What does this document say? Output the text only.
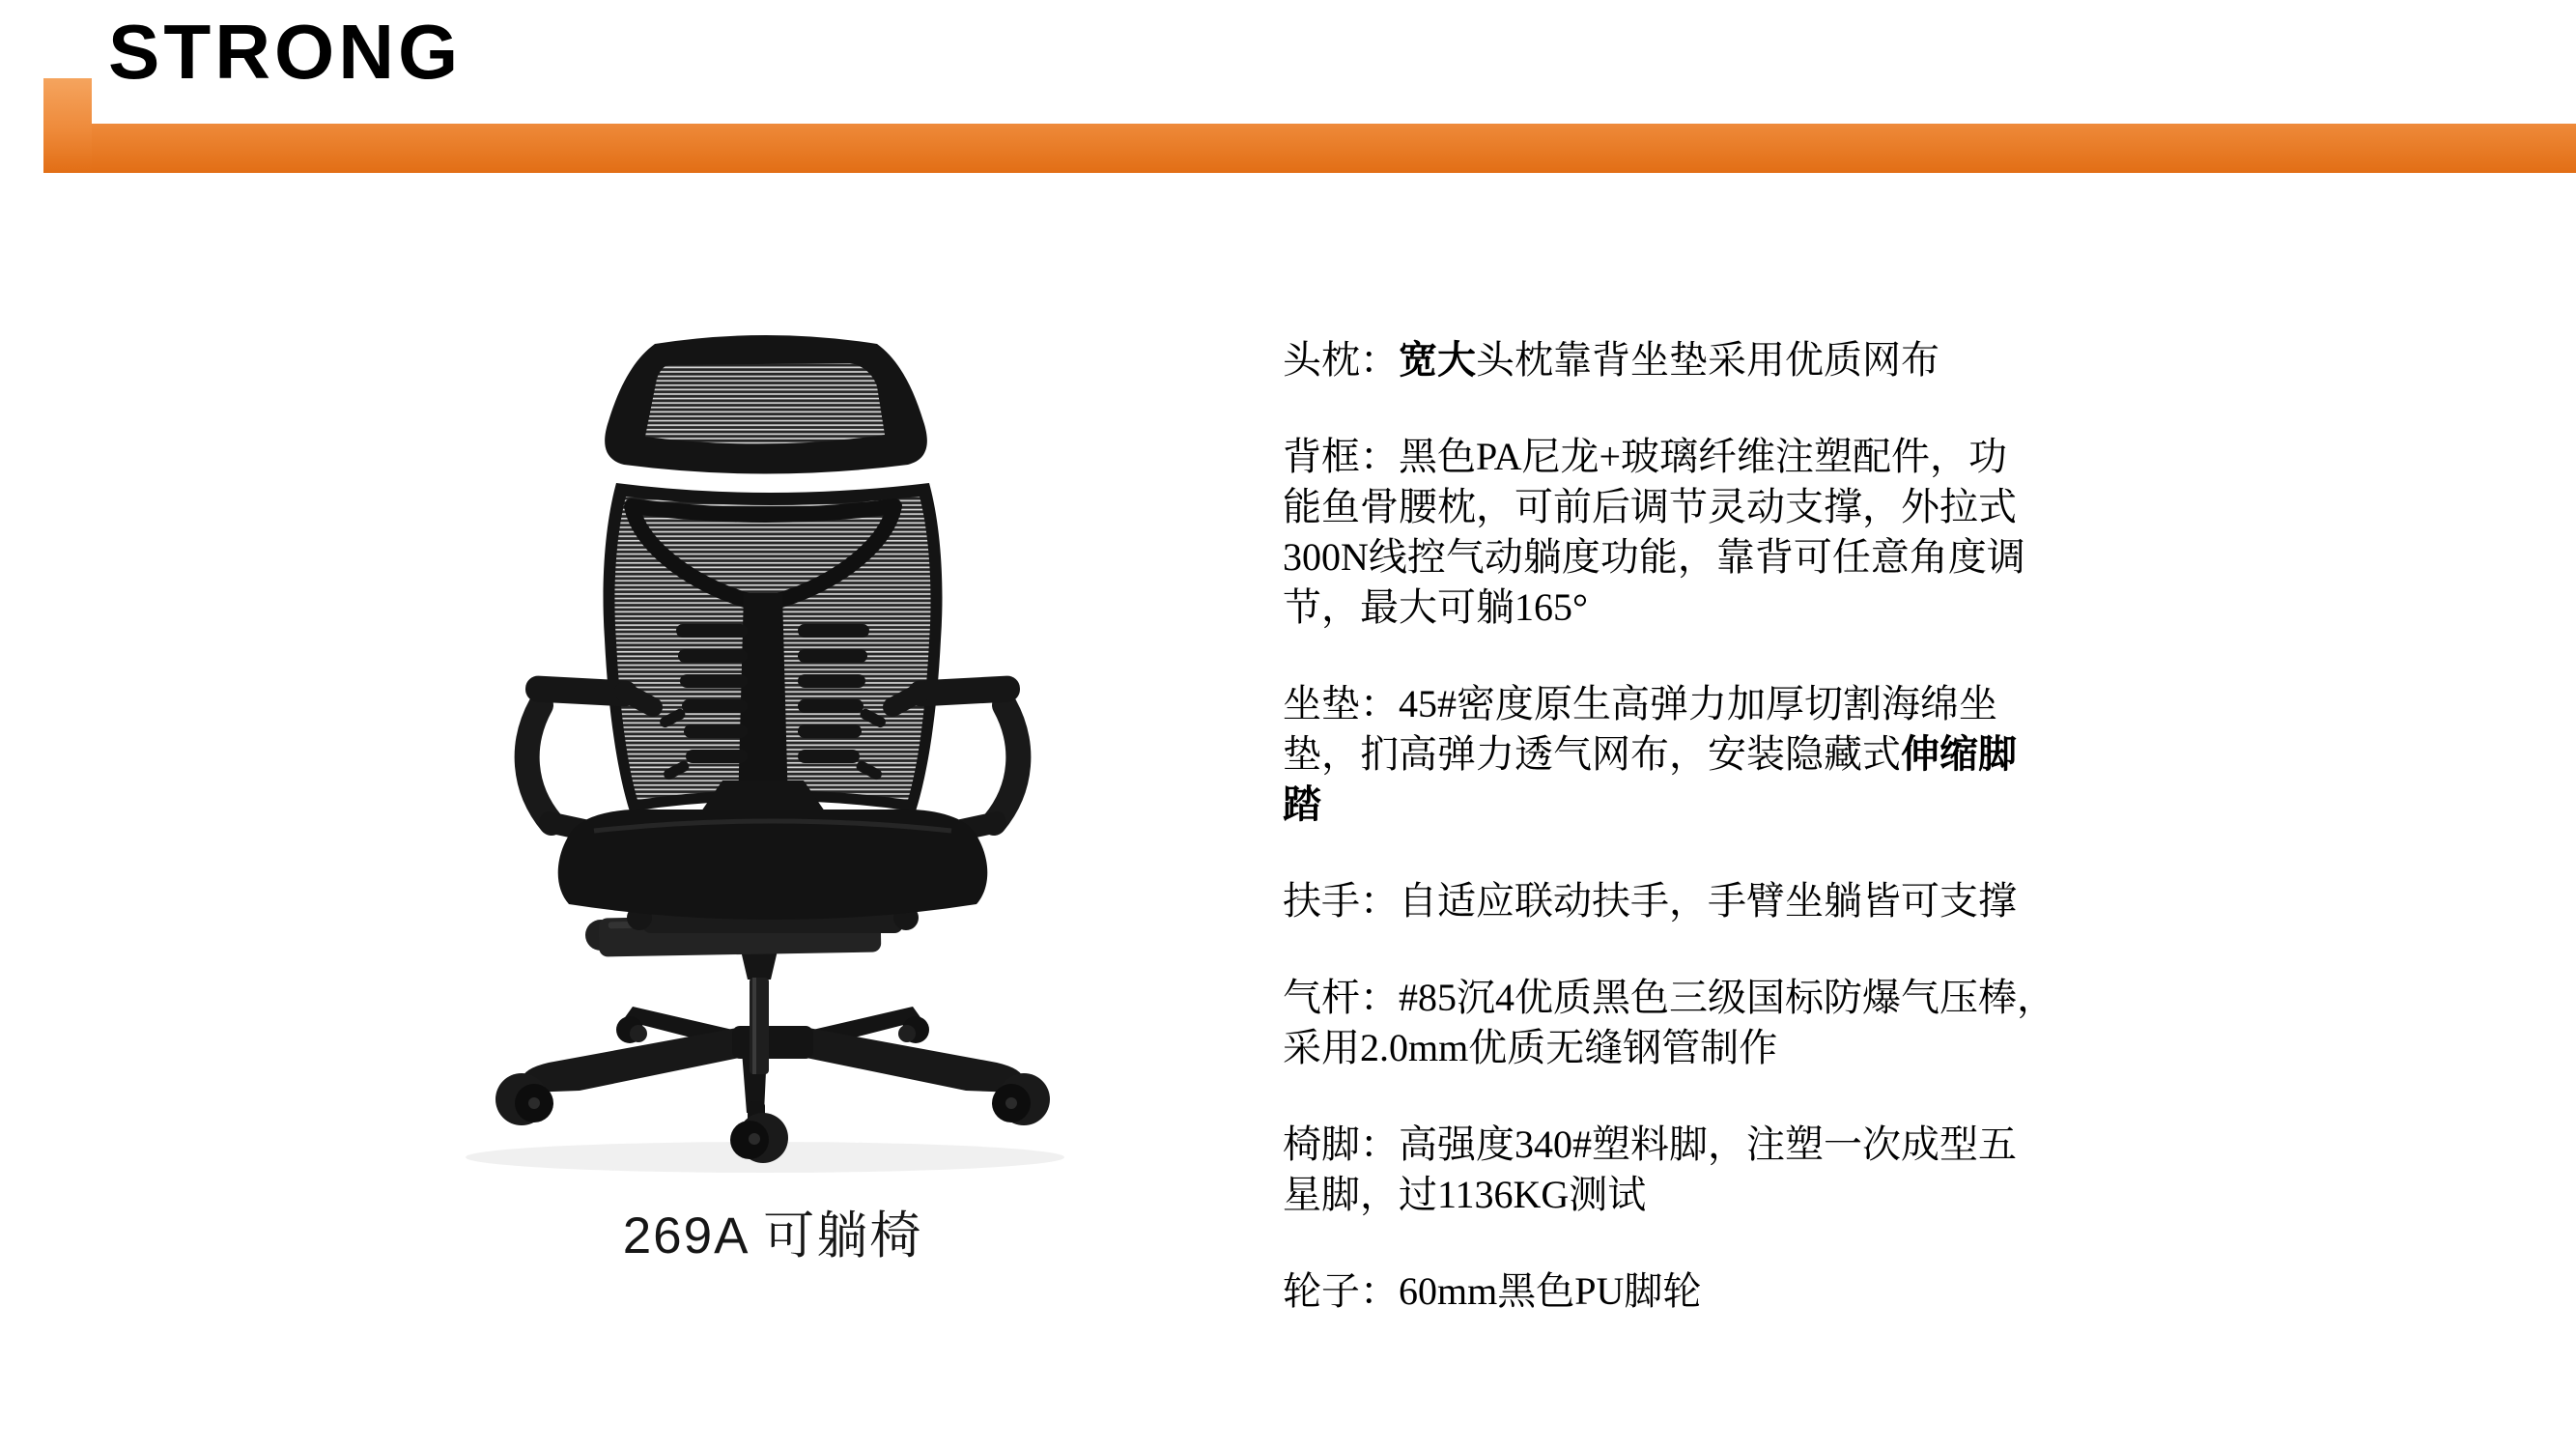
STRONG
269A 可躺椅

头枕：宽大头枕靠背坐垫采用优质网布

背框：黑色PA尼龙+玻璃纤维注塑配件，功
能鱼骨腰枕，可前后调节灵动支撑，外拉式
300N线控气动躺度功能，靠背可任意角度调
节，最大可躺165°

坐垫：45#密度原生高弹力加厚切割海绵坐
垫，扪高弹力透气网布，安装隐藏式伸缩脚
踏

扶手：自适应联动扶手，手臂坐躺皆可支撑

气杆：#85沉4优质黑色三级国标防爆气压棒，
采用2.0mm优质无缝钢管制作

椅脚：高强度340#塑料脚，注塑一次成型五
星脚，过1136KG测试

轮子：60mm黑色PU脚轮
